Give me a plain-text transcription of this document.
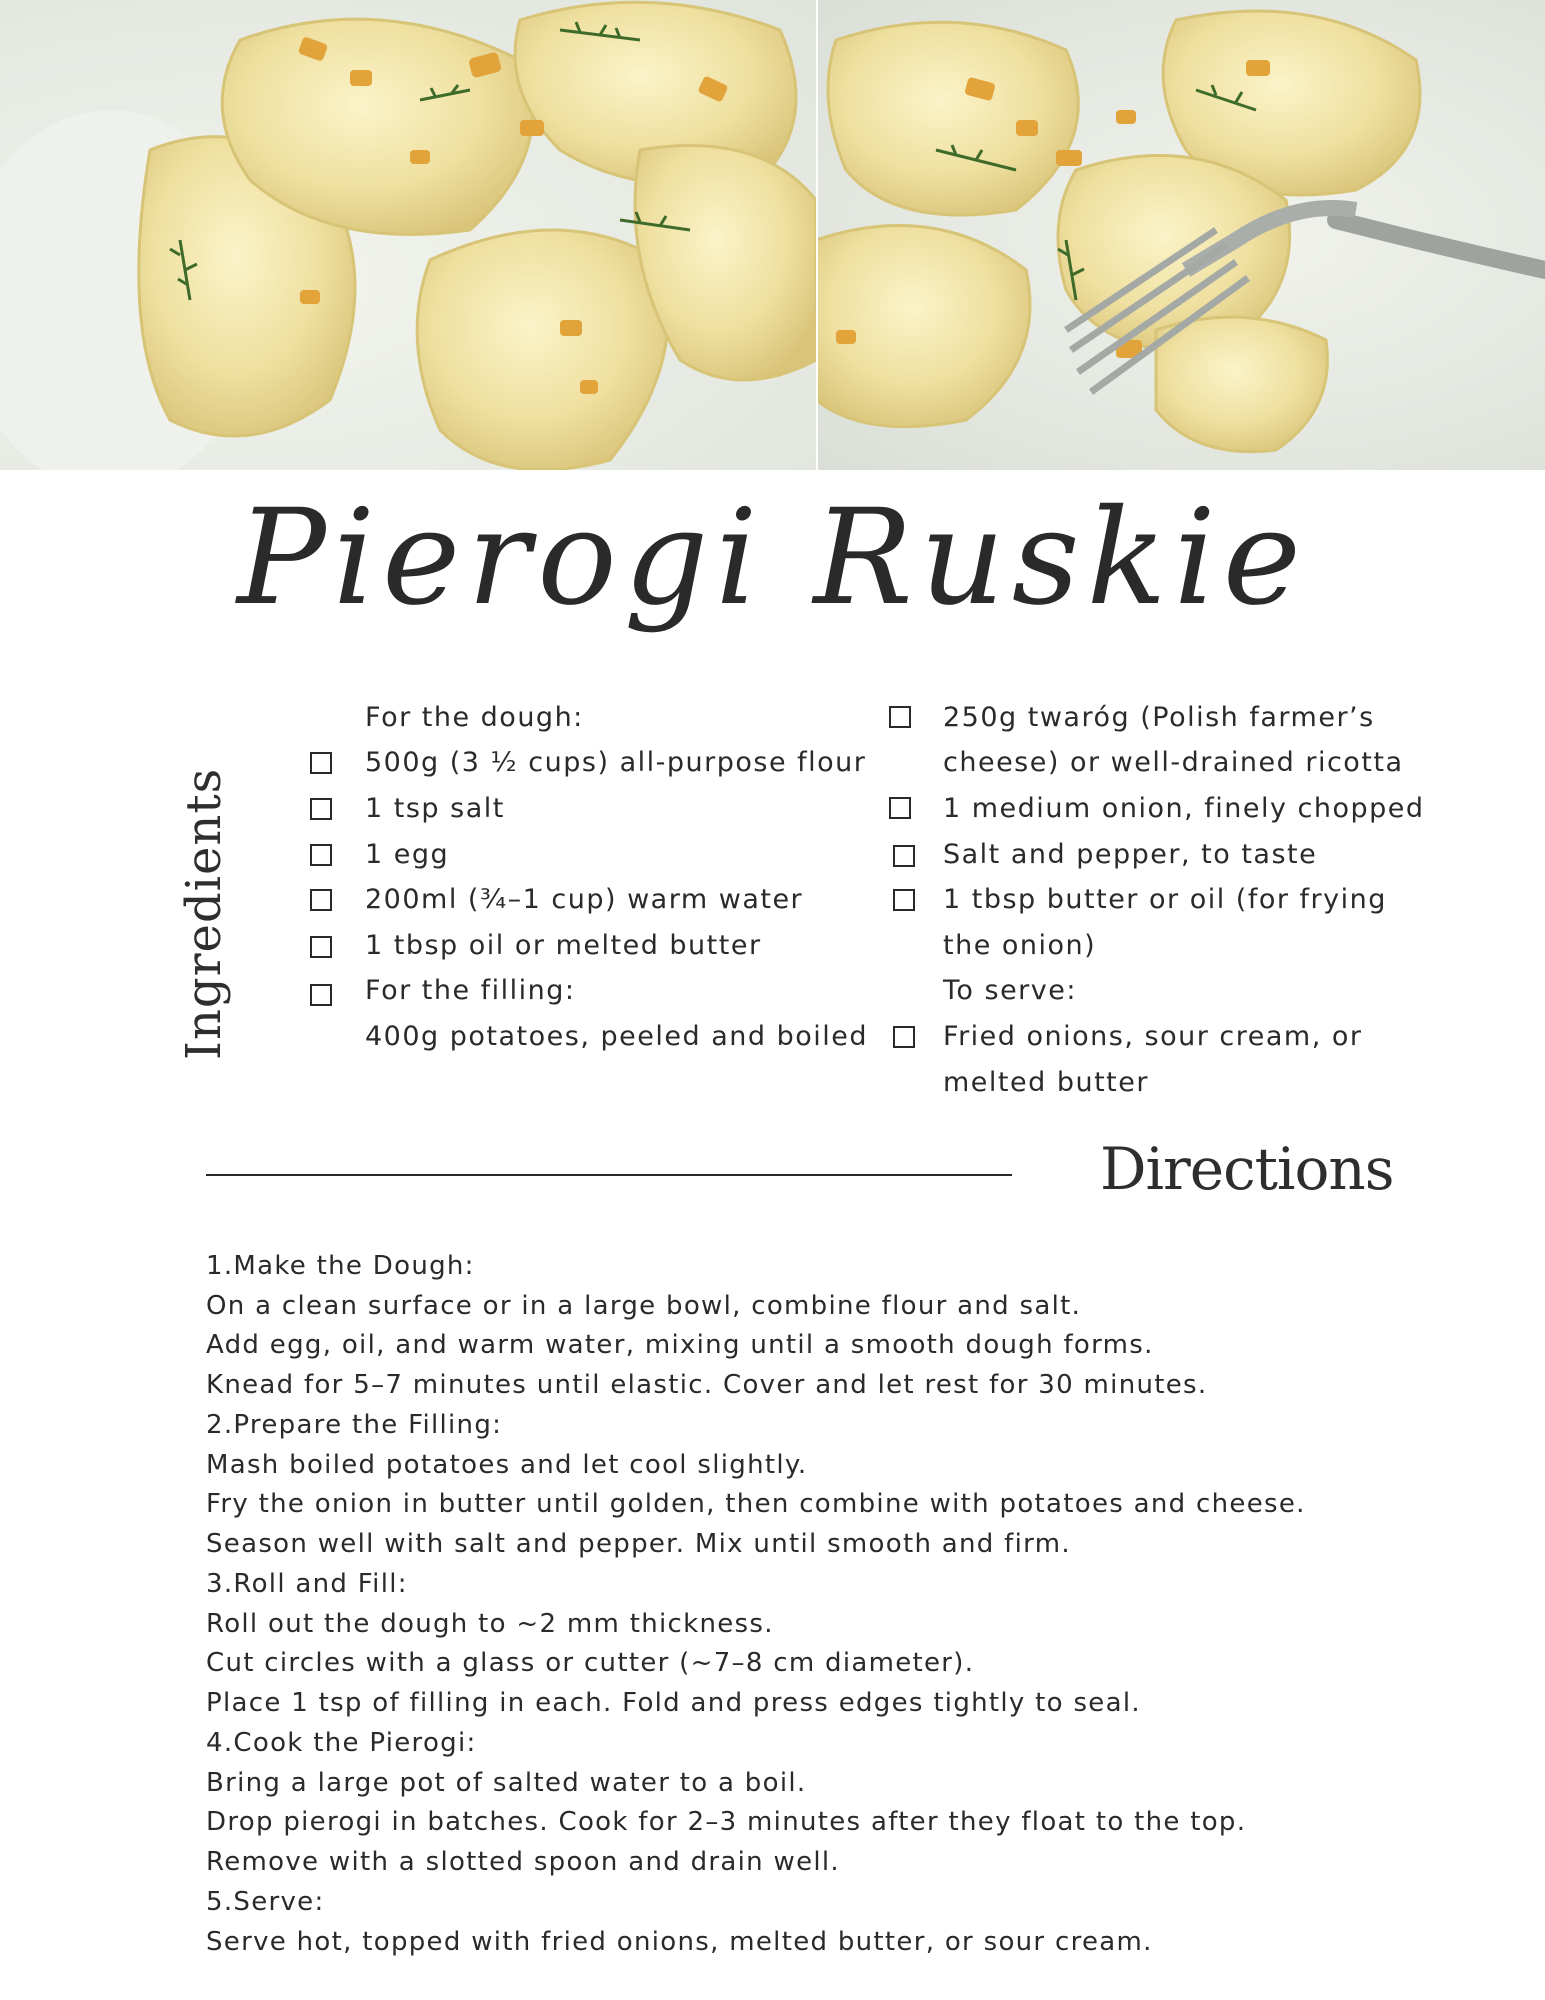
Pierogi Ruskie
Ingredients
For the dough:
500g (3 ½ cups) all-purpose flour
1 tsp salt
1 egg
200ml (¾–1 cup) warm water
1 tbsp oil or melted butter
For the filling:
400g potatoes, peeled and boiled
250g twaróg (Polish farmer’s
cheese) or well-drained ricotta
1 medium onion, finely chopped
Salt and pepper, to taste
1 tbsp butter or oil (for frying
the onion)
To serve:
Fried onions, sour cream, or
melted butter
Directions
1.Make the Dough:
On a clean surface or in a large bowl, combine flour and salt.
Add egg, oil, and warm water, mixing until a smooth dough forms.
Knead for 5–7 minutes until elastic. Cover and let rest for 30 minutes.
2.Prepare the Filling:
Mash boiled potatoes and let cool slightly.
Fry the onion in butter until golden, then combine with potatoes and cheese.
Season well with salt and pepper. Mix until smooth and firm.
3.Roll and Fill:
Roll out the dough to ~2 mm thickness.
Cut circles with a glass or cutter (~7–8 cm diameter).
Place 1 tsp of filling in each. Fold and press edges tightly to seal.
4.Cook the Pierogi:
Bring a large pot of salted water to a boil.
Drop pierogi in batches. Cook for 2–3 minutes after they float to the top.
Remove with a slotted spoon and drain well.
5.Serve:
Serve hot, topped with fried onions, melted butter, or sour cream.
